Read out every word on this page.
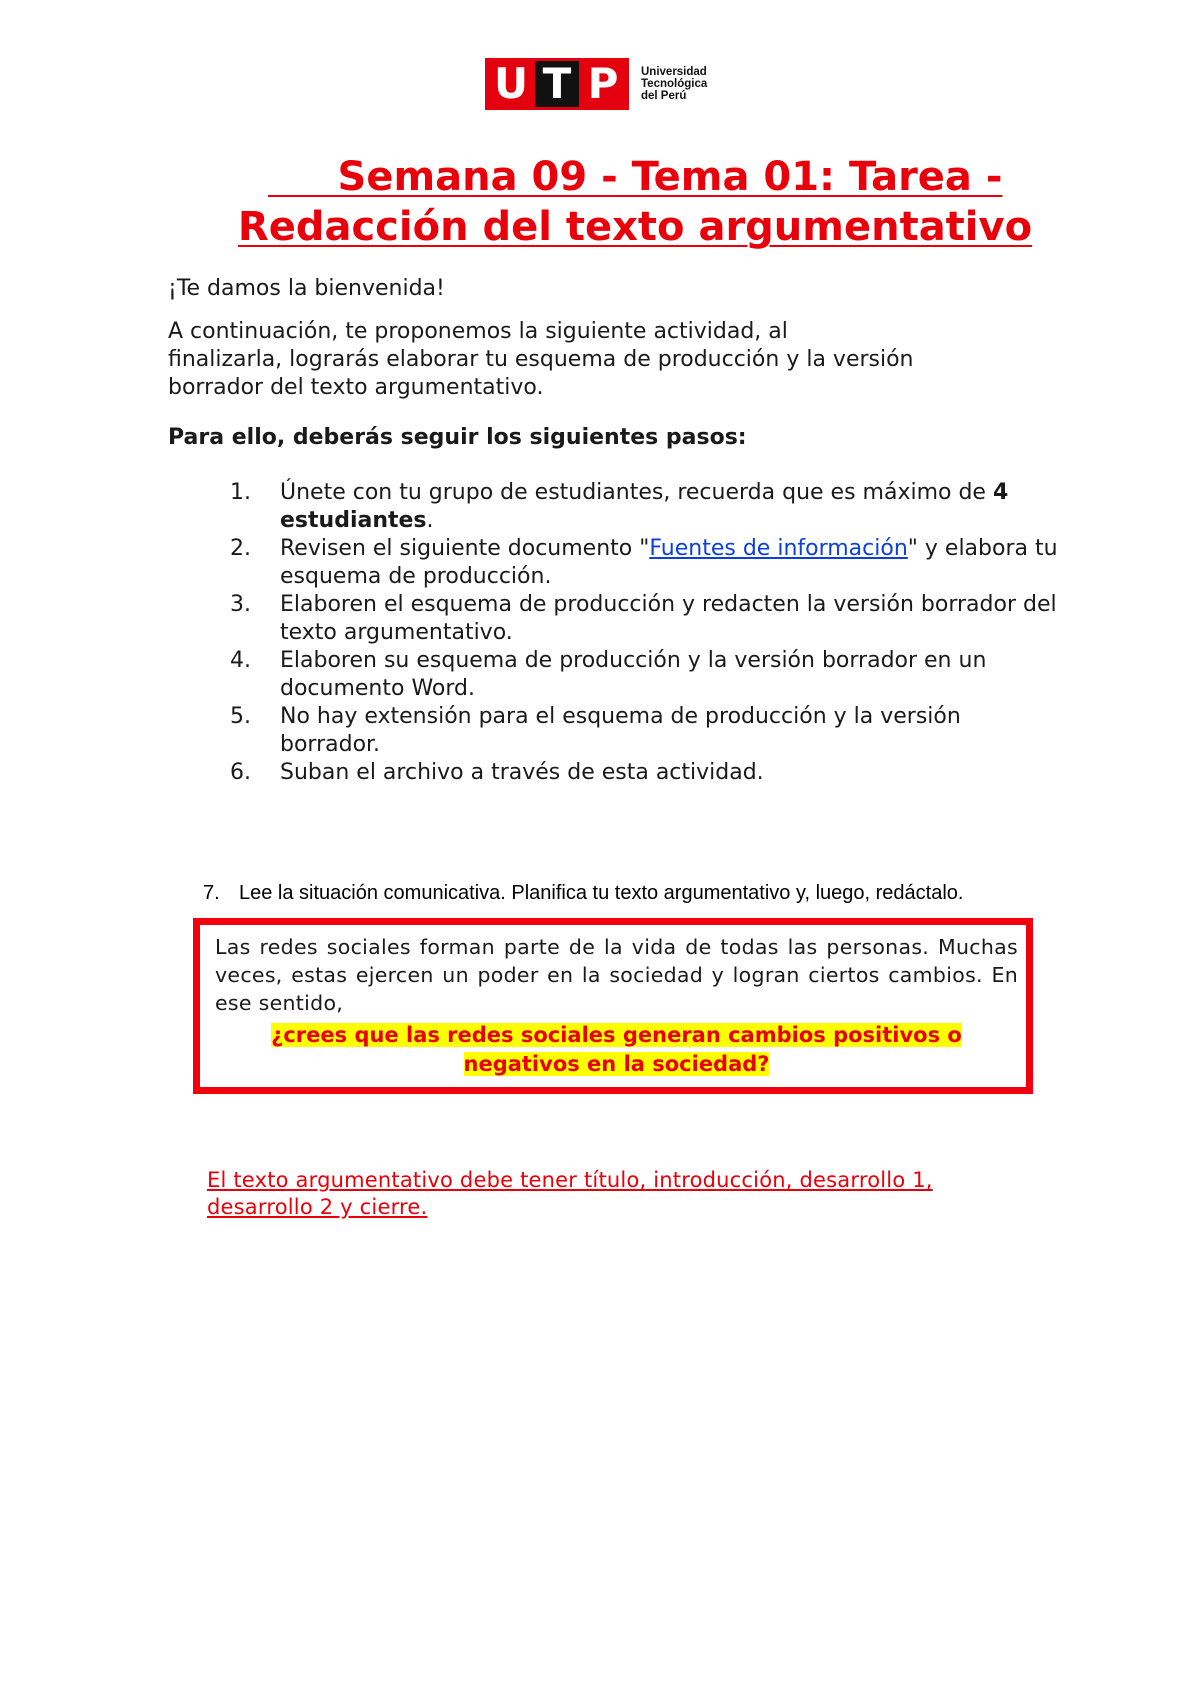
U T P	Universidad
Tecnológica
del Perú
Semana 09 - Tema 01: Tarea -
Redacción del texto argumentativo
¡Te damos la bienvenida!
A continuación, te proponemos la siguiente actividad, al
finalizarla, lograrás elaborar tu esquema de producción y la versión
borrador del texto argumentativo.
Para ello, deberás seguir los siguientes pasos:
1.	Únete con tu grupo de estudiantes, recuerda que es máximo de 4 estudiantes.
2.	Revisen el siguiente documento "Fuentes de información" y elabora tu esquema de producción.
3.	Elaboren el esquema de producción y redacten la versión borrador del texto argumentativo.
4.	Elaboren su esquema de producción y la versión borrador en un documento Word.
5.	No hay extensión para el esquema de producción y la versión borrador.
6.	Suban el archivo a través de esta actividad.
7. Lee la situación comunicativa. Planifica tu texto argumentativo y, luego, redáctalo.
Las redes sociales forman parte de la vida de todas las personas. Muchas veces, estas ejercen un poder en la sociedad y logran ciertos cambios. En ese sentido,
¿crees que las redes sociales generan cambios positivos o
negativos en la sociedad?
El texto argumentativo debe tener título, introducción, desarrollo 1,
desarrollo 2 y cierre.
